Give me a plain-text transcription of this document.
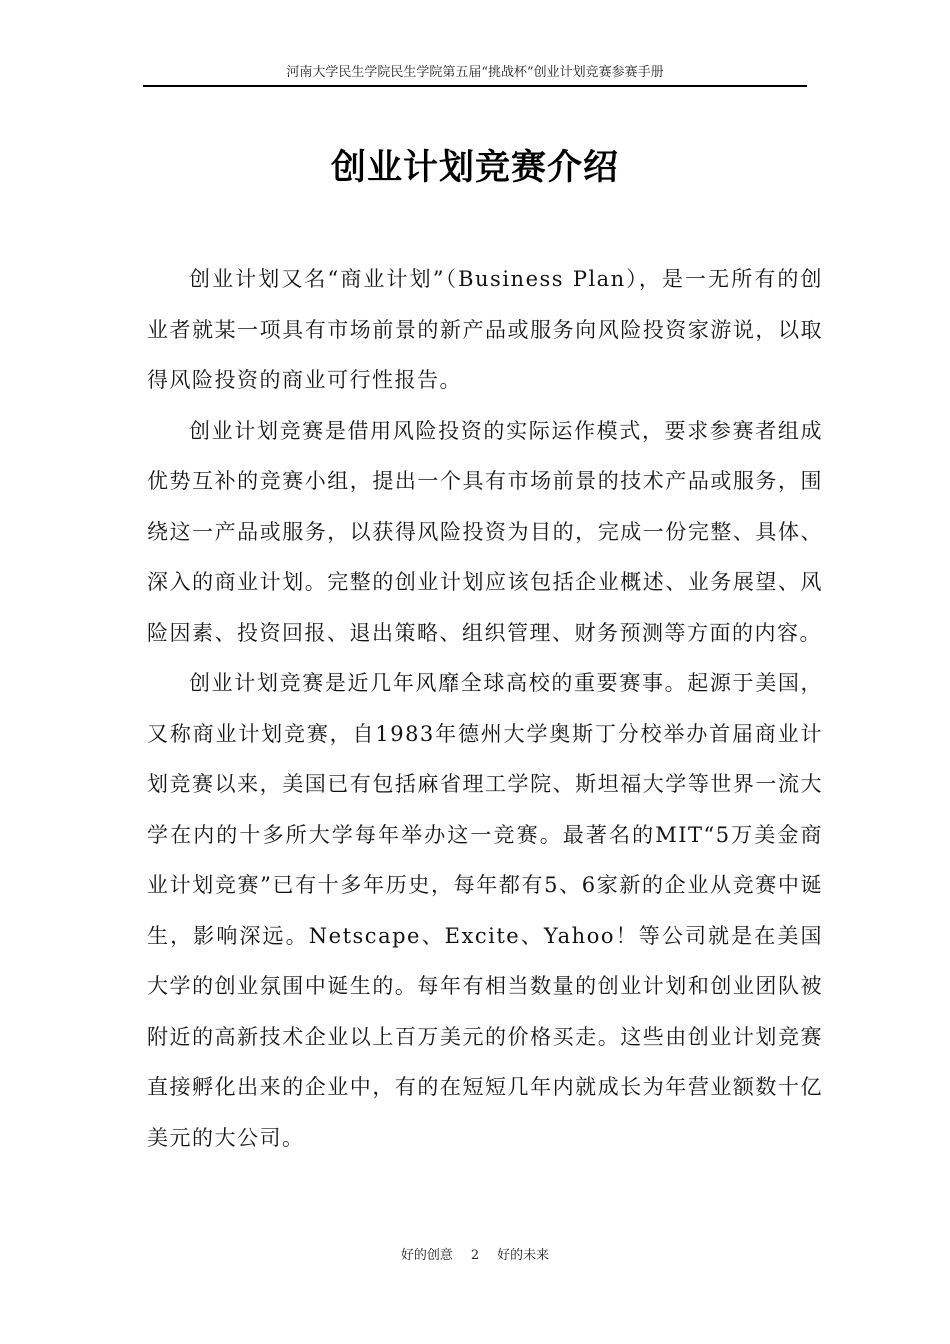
河南大学民生学院民生学院第五届“挑战杯”创业计划竞赛参赛手册
创业计划竞赛介绍

创业计划又名“商业计划”（Business Plan），是一无所有的创业者就某一项具有市场前景的新产品或服务向风险投资家游说，以取得风险投资的商业可行性报告。

创业计划竞赛是借用风险投资的实际运作模式，要求参赛者组成优势互补的竞赛小组，提出一个具有市场前景的技术产品或服务，围绕这一产品或服务，以获得风险投资为目的，完成一份完整、具体、深入的商业计划。完整的创业计划应该包括企业概述、业务展望、风险因素、投资回报、退出策略、组织管理、财务预测等方面的内容。

创业计划竞赛是近几年风靡全球高校的重要赛事。起源于美国，又称商业计划竞赛，自1983年德州大学奥斯丁分校举办首届商业计划竞赛以来，美国已有包括麻省理工学院、斯坦福大学等世界一流大学在内的十多所大学每年举办这一竞赛。最著名的MIT“5万美金商业计划竞赛”已有十多年历史，每年都有5、6家新的企业从竞赛中诞生，影响深远。Netscape、Excite、Yahoo！等公司就是在美国大学的创业氛围中诞生的。每年有相当数量的创业计划和创业团队被附近的高新技术企业以上百万美元的价格买走。这些由创业计划竞赛直接孵化出来的企业中，有的在短短几年内就成长为年营业额数十亿美元的大公司。

好的创意 2 好的未来
